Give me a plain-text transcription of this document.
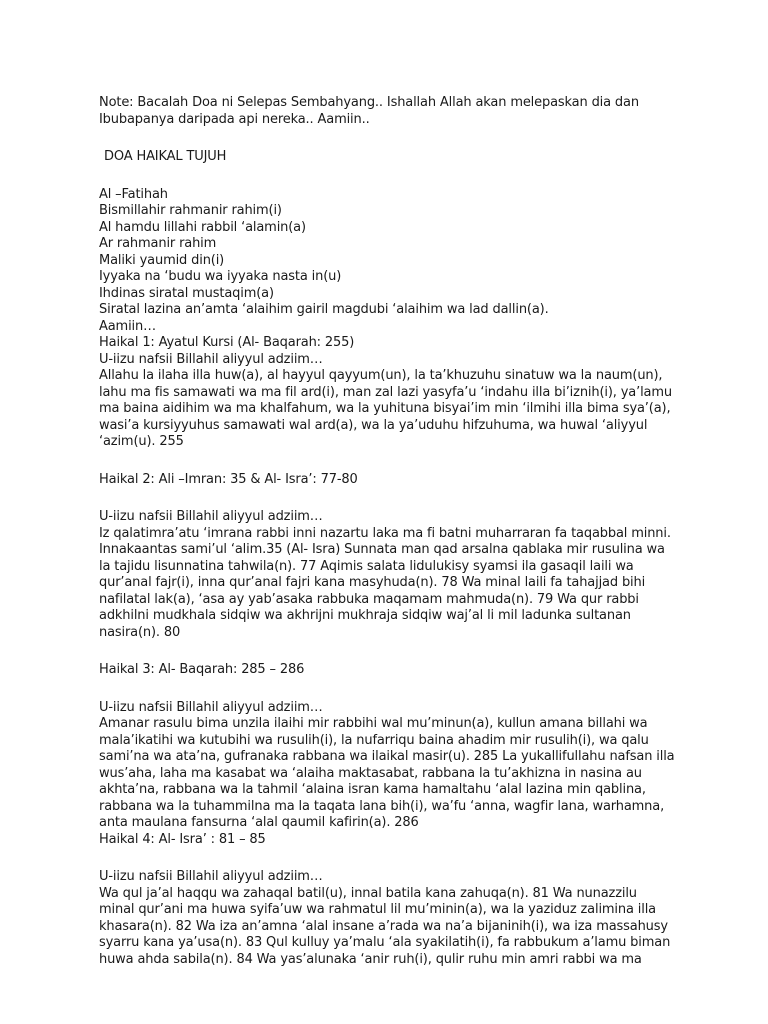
Note: Bacalah Doa ni Selepas Sembahyang.. Ishallah Allah akan melepaskan dia dan
Ibubapanya daripada api nereka.. Aamiin..
DOA HAIKAL TUJUH
Al –Fatihah
Bismillahir rahmanir rahim(i)
Al hamdu lillahi rabbil ‘alamin(a)
Ar rahmanir rahim
Maliki yaumid din(i)
Iyyaka na ‘budu wa iyyaka nasta in(u)
Ihdinas siratal mustaqim(a)
Siratal lazina an’amta ‘alaihim gairil magdubi ‘alaihim wa lad dallin(a).
Aamiin…
Haikal 1: Ayatul Kursi (Al- Baqarah: 255)
U-iizu nafsii Billahil aliyyul adziim…
Allahu la ilaha illa huw(a), al hayyul qayyum(un), la ta’khuzuhu sinatuw wa la naum(un),
lahu ma fis samawati wa ma fil ard(i), man zal lazi yasyfa’u ‘indahu illa bi’iznih(i), ya’lamu
ma baina aidihim wa ma khalfahum, wa la yuhituna bisyai’im min ‘ilmihi illa bima sya’(a),
wasi’a kursiyyuhus samawati wal ard(a), wa la ya’uduhu hifzuhuma, wa huwal ‘aliyyul
‘azim(u). 255
Haikal 2: Ali –Imran: 35 & Al- Isra’: 77-80
U-iizu nafsii Billahil aliyyul adziim…
Iz qalatimra’atu ‘imrana rabbi inni nazartu laka ma fi batni muharraran fa taqabbal minni.
Innakaantas sami’ul ‘alim.35 (Al- Isra) Sunnata man qad arsalna qablaka mir rusulina wa
la tajidu lisunnatina tahwila(n). 77 Aqimis salata lidulukisy syamsi ila gasaqil laili wa
qur’anal fajr(i), inna qur’anal fajri kana masyhuda(n). 78 Wa minal laili fa tahajjad bihi
nafilatal lak(a), ‘asa ay yab’asaka rabbuka maqamam mahmuda(n). 79 Wa qur rabbi
adkhilni mudkhala sidqiw wa akhrijni mukhraja sidqiw waj’al li mil ladunka sultanan
nasira(n). 80
Haikal 3: Al- Baqarah: 285 – 286
U-iizu nafsii Billahil aliyyul adziim…
Amanar rasulu bima unzila ilaihi mir rabbihi wal mu’minun(a), kullun amana billahi wa
mala’ikatihi wa kutubihi wa rusulih(i), la nufarriqu baina ahadim mir rusulih(i), wa qalu
sami’na wa ata’na, gufranaka rabbana wa ilaikal masir(u). 285 La yukallifullahu nafsan illa
wus’aha, laha ma kasabat wa ‘alaiha maktasabat, rabbana la tu’akhizna in nasina au
akhta’na, rabbana wa la tahmil ‘alaina isran kama hamaltahu ‘alal lazina min qablina,
rabbana wa la tuhammilna ma la taqata lana bih(i), wa’fu ‘anna, wagfir lana, warhamna,
anta maulana fansurna ‘alal qaumil kafirin(a). 286
Haikal 4: Al- Isra’ : 81 – 85
U-iizu nafsii Billahil aliyyul adziim…
Wa qul ja’al haqqu wa zahaqal batil(u), innal batila kana zahuqa(n). 81 Wa nunazzilu
minal qur’ani ma huwa syifa’uw wa rahmatul lil mu’minin(a), wa la yaziduz zalimina illa
khasara(n). 82 Wa iza an’amna ‘alal insane a’rada wa na’a bijaninih(i), wa iza massahusy
syarru kana ya’usa(n). 83 Qul kulluy ya’malu ‘ala syakilatih(i), fa rabbukum a’lamu biman
huwa ahda sabila(n). 84 Wa yas’alunaka ‘anir ruh(i), qulir ruhu min amri rabbi wa ma
